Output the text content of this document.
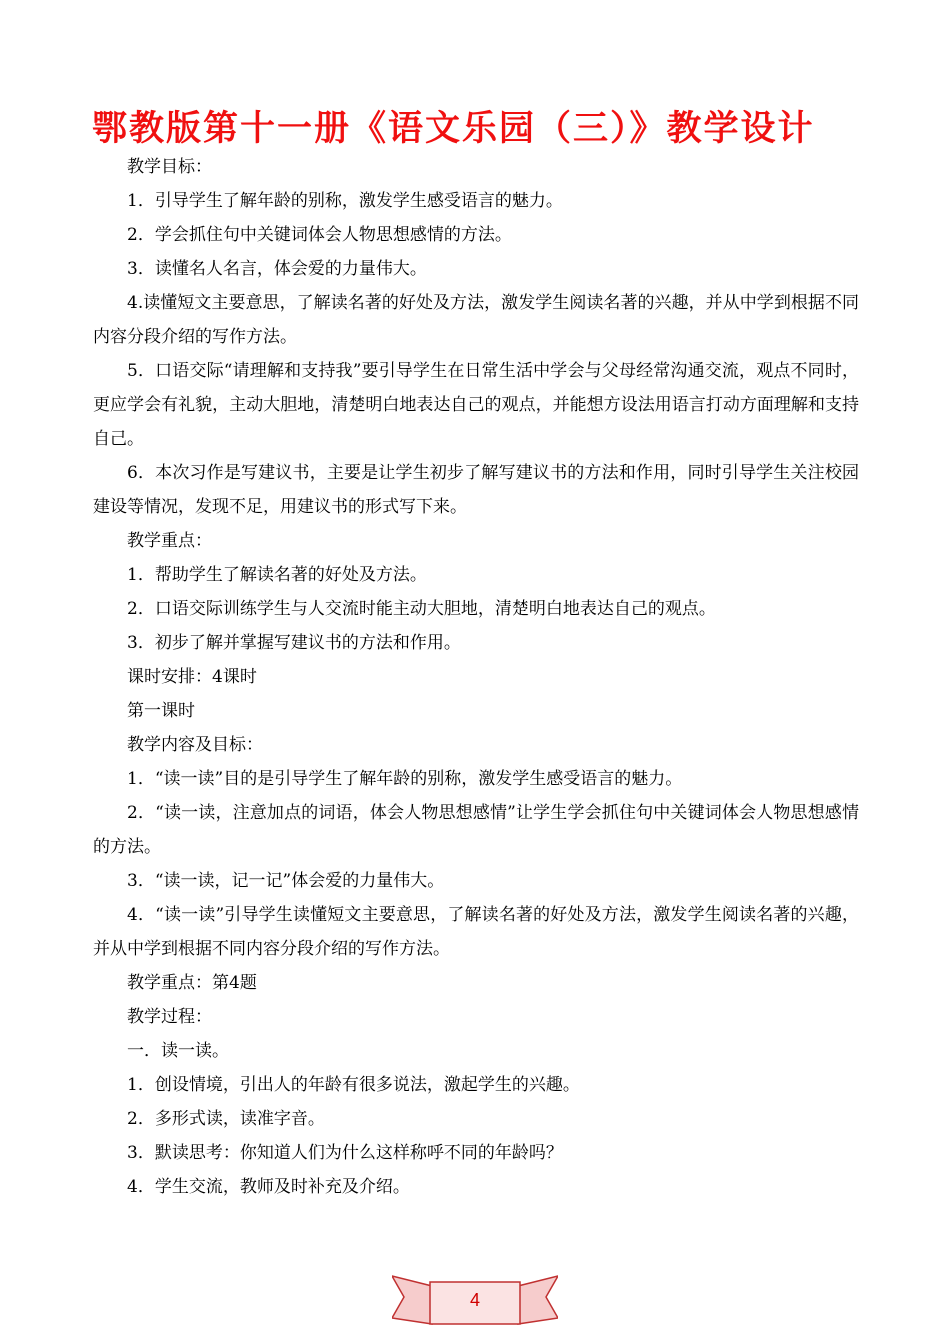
鄂教版第十一册《语文乐园（三）》教学设计

教学目标：

1．引导学生了解年龄的别称，激发学生感受语言的魅力。

2．学会抓住句中关键词体会人物思想感情的方法。

3．读懂名人名言，体会爱的力量伟大。

4.读懂短文主要意思，了解读名著的好处及方法，激发学生阅读名著的兴趣，并从中学到根据不同内容分段介绍的写作方法。

5．口语交际“请理解和支持我”要引导学生在日常生活中学会与父母经常沟通交流，观点不同时，更应学会有礼貌，主动大胆地，清楚明白地表达自己的观点，并能想方设法用语言打动方面理解和支持自己。

6．本次习作是写建议书，主要是让学生初步了解写建议书的方法和作用，同时引导学生关注校园建设等情况，发现不足，用建议书的形式写下来。

教学重点：

1．帮助学生了解读名著的好处及方法。

2．口语交际训练学生与人交流时能主动大胆地，清楚明白地表达自己的观点。

3．初步了解并掌握写建议书的方法和作用。

课时安排：4课时

第一课时

教学内容及目标：

1．“读一读”目的是引导学生了解年龄的别称，激发学生感受语言的魅力。

2．“读一读，注意加点的词语，体会人物思想感情”让学生学会抓住句中关键词体会人物思想感情的方法。

3．“读一读，记一记”体会爱的力量伟大。

4．“读一读”引导学生读懂短文主要意思，了解读名著的好处及方法，激发学生阅读名著的兴趣，并从中学到根据不同内容分段介绍的写作方法。

教学重点：第4题

教学过程：

一．读一读。

1．创设情境，引出人的年龄有很多说法，激起学生的兴趣。

2．多形式读，读准字音。

3．默读思考：你知道人们为什么这样称呼不同的年龄吗？

4．学生交流，教师及时补充及介绍。

4
